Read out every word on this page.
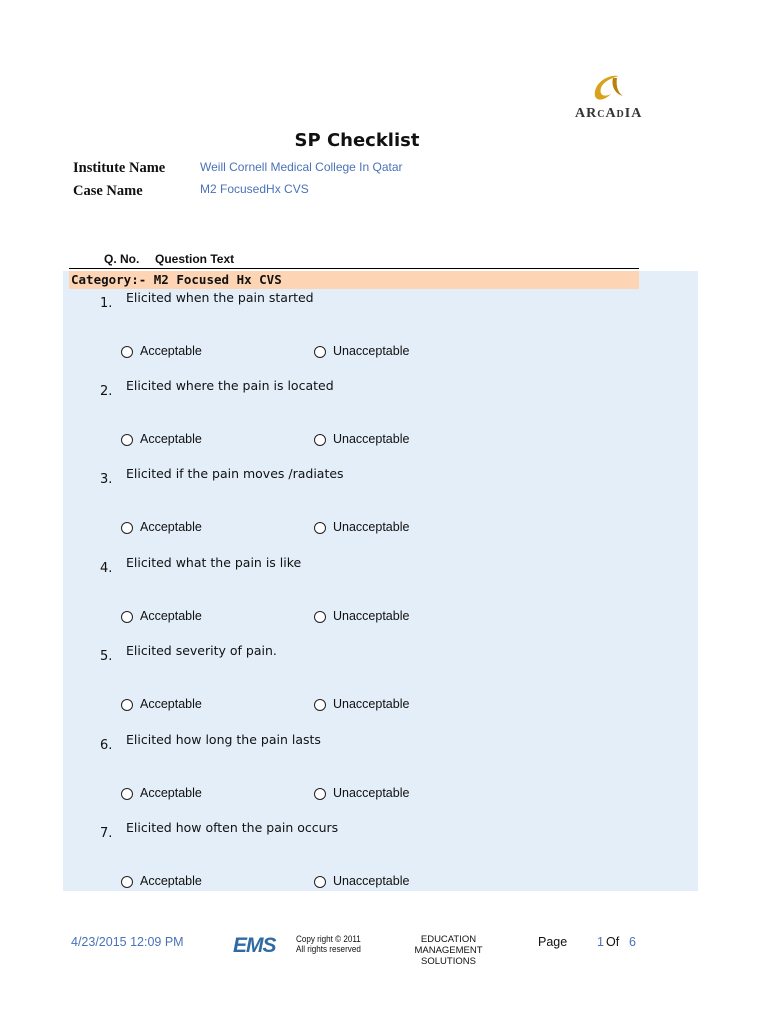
ARcAdIA
SP Checklist
Institute Name	Weill Cornell Medical College In Qatar
Case Name	M2 FocusedHx CVS
Q. No. Question Text
Category:- M2 Focused Hx CVS
1. Elicited when the pain started
Acceptable	Unacceptable
2. Elicited where the pain is located
Acceptable	Unacceptable
3. Elicited if the pain moves /radiates
Acceptable	Unacceptable
4. Elicited what the pain is like
Acceptable	Unacceptable
5. Elicited severity of pain.
Acceptable	Unacceptable
6. Elicited how long the pain lasts
Acceptable	Unacceptable
7. Elicited how often the pain occurs
Acceptable	Unacceptable
4/23/2015 12:09 PM EMS Copy right © 2011
All rights reserved
EDUCATION MANAGEMENT
SOLUTIONS
Page 1 Of 6
